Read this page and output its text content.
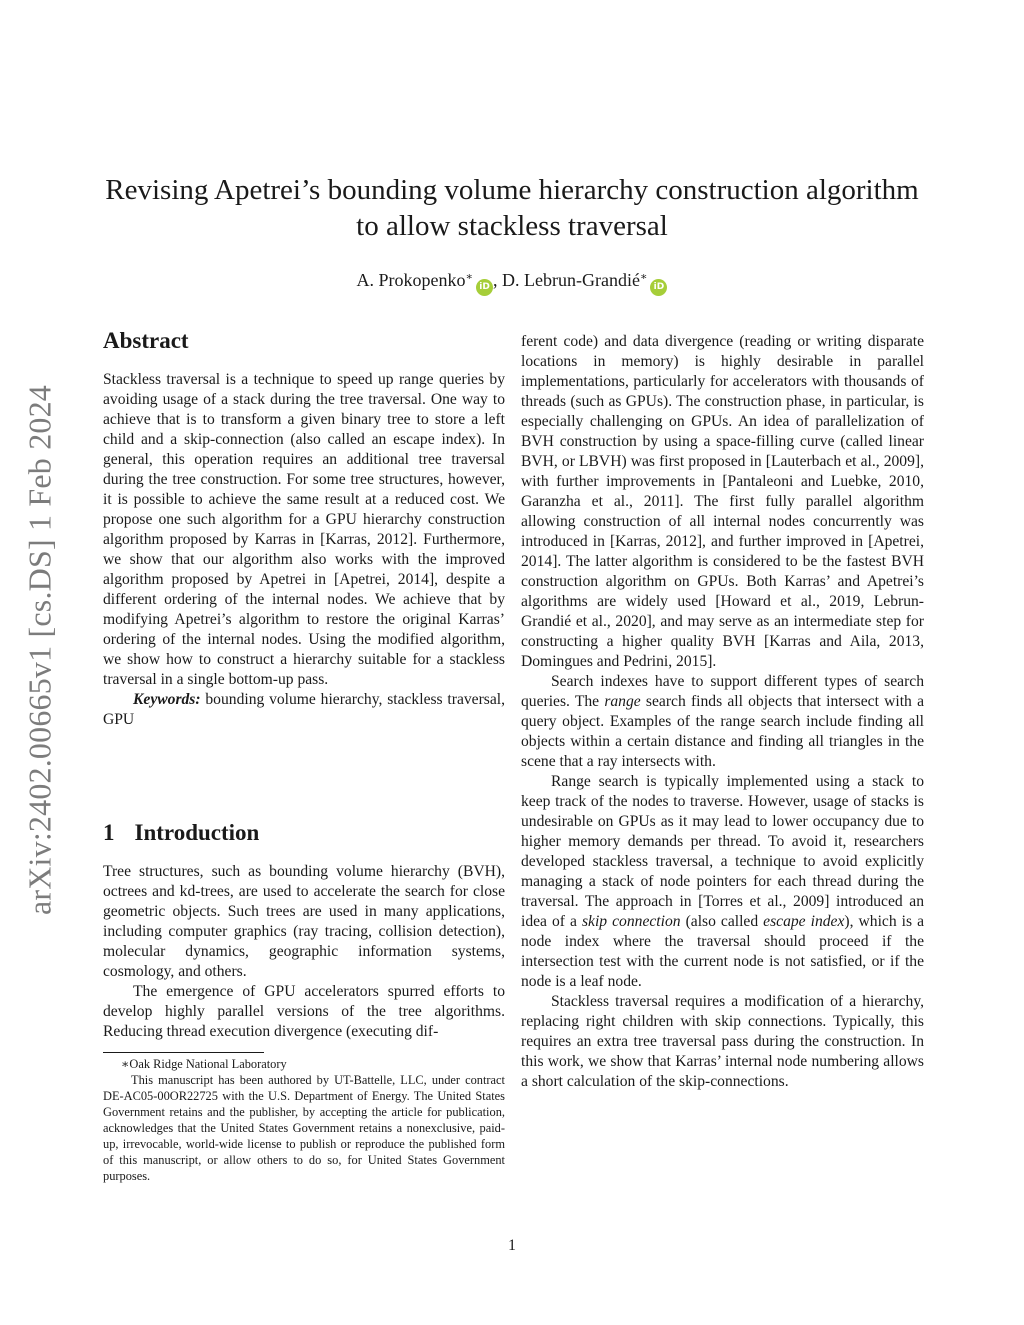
arXiv:2402.00665v1 [cs.DS] 1 Feb 2024
Revising Apetrei’s bounding volume hierarchy construction algorithm
to allow stackless traversal
A. Prokopenko∗iD , D. Lebrun-Grandié∗iD
Abstract

Stackless traversal is a technique to speed up range queries by avoiding usage of a stack during the tree traversal. One way to achieve that is to transform a given binary tree to store a left child and a skip-connection (also called an escape index). In general, this operation requires an additional tree traversal during the tree construction. For some tree structures, however, it is possible to achieve the same result at a reduced cost. We propose one such algorithm for a GPU hierarchy construction algorithm proposed by Karras in [Karras, 2012]. Furthermore, we show that our algorithm also works with the improved algorithm proposed by Apetrei in [Apetrei, 2014], despite a different ordering of the internal nodes. We achieve that by modifying Apetrei’s algorithm to restore the original Karras’ ordering of the internal nodes. Using the modified algorithm, we show how to construct a hierarchy suitable for a stackless traversal in a single bottom-up pass.

Keywords: bounding volume hierarchy, stackless traversal, GPU

1 Introduction

Tree structures, such as bounding volume hierarchy (BVH), octrees and kd-trees, are used to accelerate the search for close geometric objects. Such trees are used in many applications, including computer graphics (ray tracing, collision detection), molecular dynamics, geographic information systems, cosmology, and others.

The emergence of GPU accelerators spurred efforts to develop highly parallel versions of the tree algorithms. Reducing thread execution divergence (executing dif-

∗Oak Ridge National Laboratory

This manuscript has been authored by UT-Battelle, LLC, under contract DE-AC05-00OR22725 with the U.S. Department of Energy. The United States Government retains and the publisher, by accepting the article for publication, acknowledges that the United States Government retains a nonexclusive, paid-up, irrevocable, world-wide license to publish or reproduce the published form of this manuscript, or allow others to do so, for United States Government purposes.

ferent code) and data divergence (reading or writing disparate locations in memory) is highly desirable in parallel implementations, particularly for accelerators with thousands of threads (such as GPUs). The construction phase, in particular, is especially challenging on GPUs. An idea of parallelization of BVH construction by using a space-filling curve (called linear BVH, or LBVH) was first proposed in [Lauterbach et al., 2009], with further improvements in [Pantaleoni and Luebke, 2010, Garanzha et al., 2011]. The first fully parallel algorithm allowing construction of all internal nodes concurrently was introduced in [Karras, 2012], and further improved in [Apetrei, 2014]. The latter algorithm is considered to be the fastest BVH construction algorithm on GPUs. Both Karras’ and Apetrei’s algorithms are widely used [Howard et al., 2019, Lebrun-Grandié et al., 2020], and may serve as an intermediate step for constructing a higher quality BVH [Karras and Aila, 2013, Domingues and Pedrini, 2015].

Search indexes have to support different types of search queries. The range search finds all objects that intersect with a query object. Examples of the range search include finding all objects within a certain distance and finding all triangles in the scene that a ray intersects with.

Range search is typically implemented using a stack to keep track of the nodes to traverse. However, usage of stacks is undesirable on GPUs as it may lead to lower occupancy due to higher memory demands per thread. To avoid it, researchers developed stackless traversal, a technique to avoid explicitly managing a stack of node pointers for each thread during the traversal. The approach in [Torres et al., 2009] introduced an idea of a skip connection (also called escape index), which is a node index where the traversal should proceed if the intersection test with the current node is not satisfied, or if the node is a leaf node.

Stackless traversal requires a modification of a hierarchy, replacing right children with skip connections. Typically, this requires an extra tree traversal pass during the construction. In this work, we show that Karras’ internal node numbering allows a short calculation of the skip-connections.

1
